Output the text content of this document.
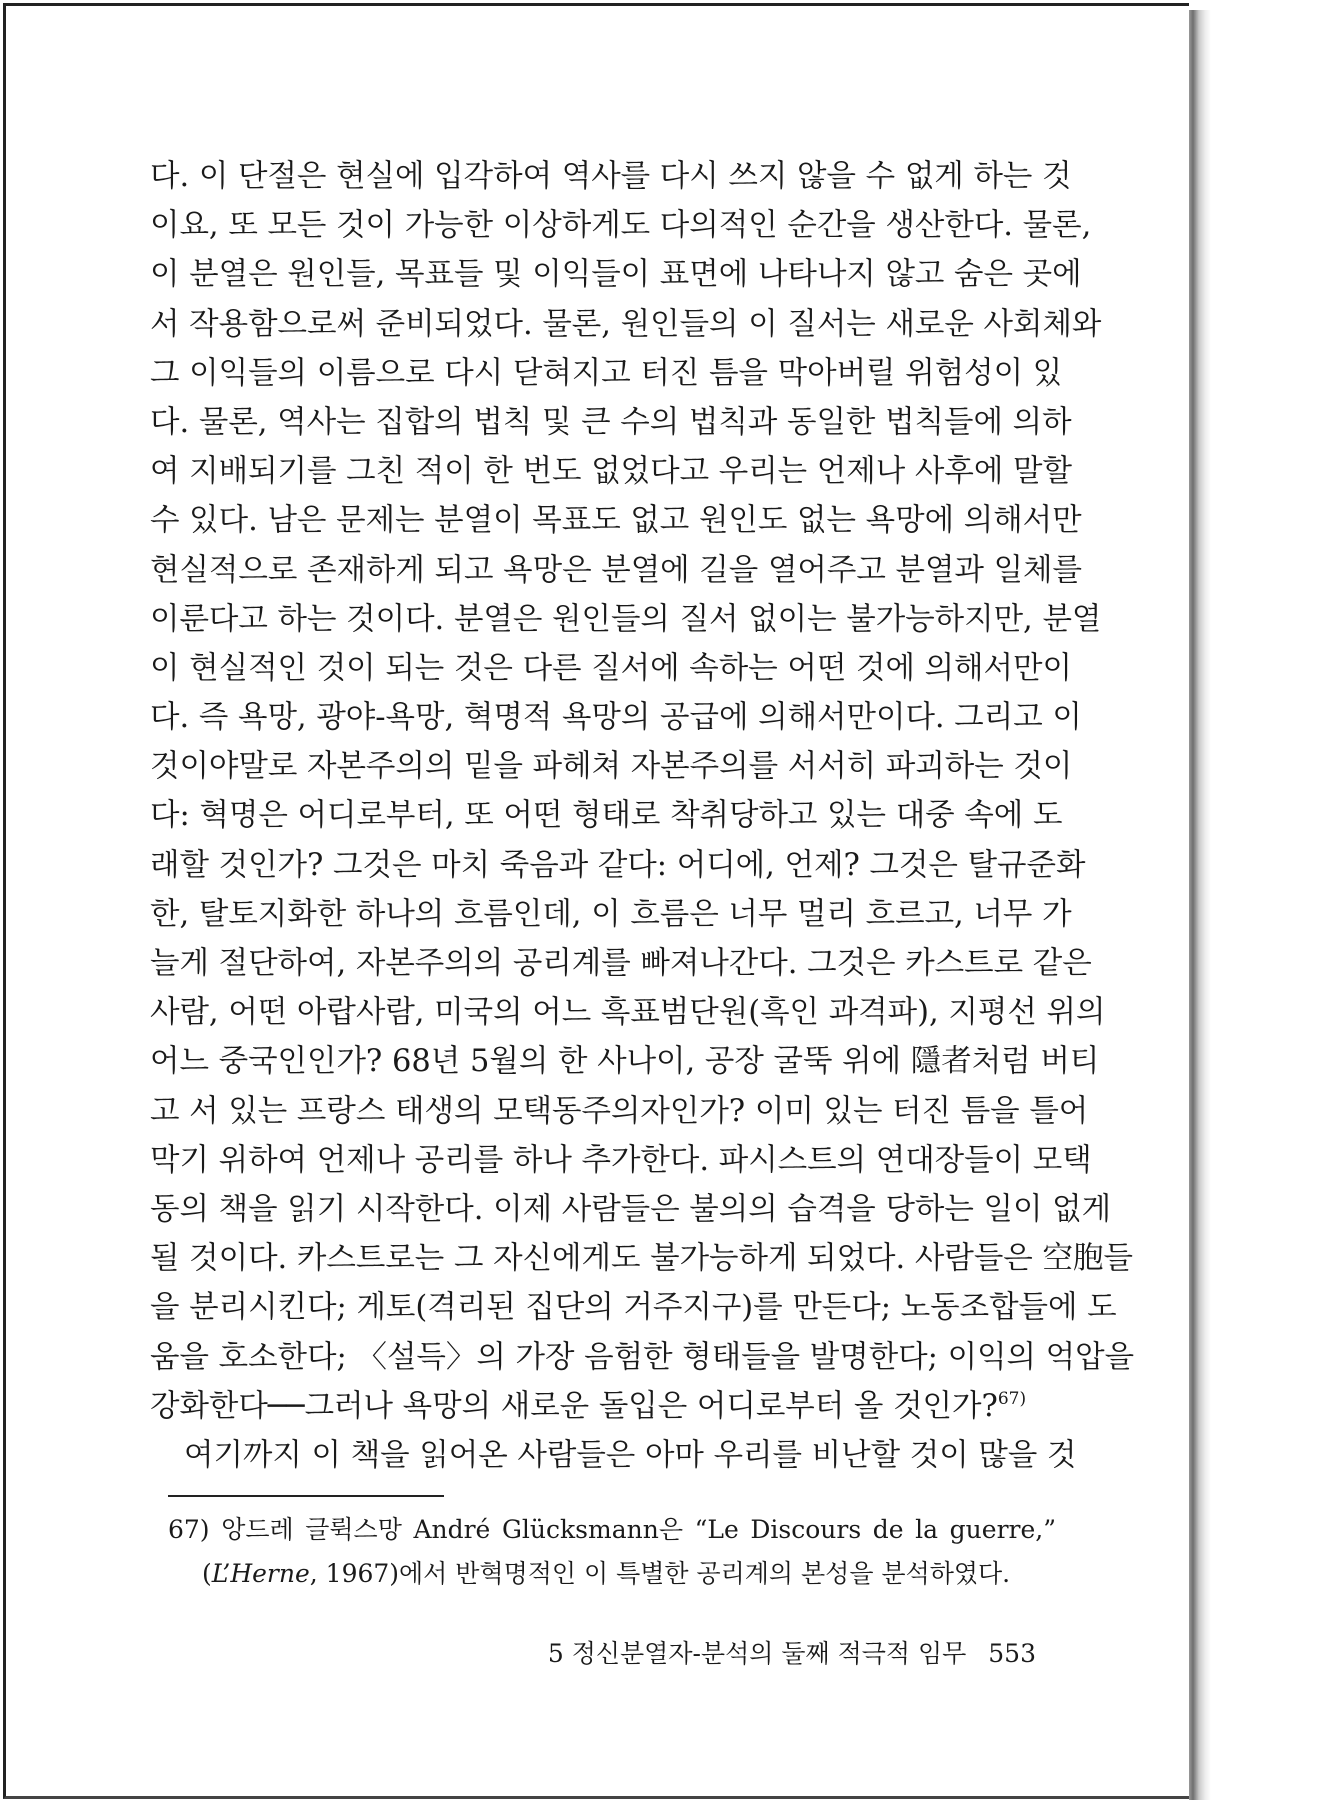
다. 이 단절은 현실에 입각하여 역사를 다시 쓰지 않을 수 없게 하는 것
이요, 또 모든 것이 가능한 이상하게도 다의적인 순간을 생산한다. 물론,
이 분열은 원인들, 목표들 및 이익들이 표면에 나타나지 않고 숨은 곳에
서 작용함으로써 준비되었다. 물론, 원인들의 이 질서는 새로운 사회체와
그 이익들의 이름으로 다시 닫혀지고 터진 틈을 막아버릴 위험성이 있
다. 물론, 역사는 집합의 법칙 및 큰 수의 법칙과 동일한 법칙들에 의하
여 지배되기를 그친 적이 한 번도 없었다고 우리는 언제나 사후에 말할
수 있다. 남은 문제는 분열이 목표도 없고 원인도 없는 욕망에 의해서만
현실적으로 존재하게 되고 욕망은 분열에 길을 열어주고 분열과 일체를
이룬다고 하는 것이다. 분열은 원인들의 질서 없이는 불가능하지만, 분열
이 현실적인 것이 되는 것은 다른 질서에 속하는 어떤 것에 의해서만이
다. 즉 욕망, 광야-욕망, 혁명적 욕망의 공급에 의해서만이다. 그리고 이
것이야말로 자본주의의 밑을 파헤쳐 자본주의를 서서히 파괴하는 것이
다: 혁명은 어디로부터, 또 어떤 형태로 착취당하고 있는 대중 속에 도
래할 것인가? 그것은 마치 죽음과 같다: 어디에, 언제? 그것은 탈규준화
한, 탈토지화한 하나의 흐름인데, 이 흐름은 너무 멀리 흐르고, 너무 가
늘게 절단하여, 자본주의의 공리계를 빠져나간다. 그것은 카스트로 같은
사람, 어떤 아랍사람, 미국의 어느 흑표범단원(흑인 과격파), 지평선 위의
어느 중국인인가? 68년 5월의 한 사나이, 공장 굴뚝 위에 隱者처럼 버티
고 서 있는 프랑스 태생의 모택동주의자인가? 이미 있는 터진 틈을 틀어
막기 위하여 언제나 공리를 하나 추가한다. 파시스트의 연대장들이 모택
동의 책을 읽기 시작한다. 이제 사람들은 불의의 습격을 당하는 일이 없게
될 것이다. 카스트로는 그 자신에게도 불가능하게 되었다. 사람들은 空胞들
을 분리시킨다; 게토(격리된 집단의 거주지구)를 만든다; 노동조합들에 도
움을 호소한다; 〈설득〉의 가장 음험한 형태들을 발명한다; 이익의 억압을
강화한다──그러나 욕망의 새로운 돌입은 어디로부터 올 것인가?$^{67)}$
여기까지 이 책을 읽어온 사람들은 아마 우리를 비난할 것이 많을 것
67) 앙드레 글뤽스망 André Glücksmann은 “Le Discours de la guerre,”
(L’Herne, 1967)에서 반혁명적인 이 특별한 공리계의 본성을 분석하였다.
5 정신분열자-분석의 둘째 적극적 임무 553
